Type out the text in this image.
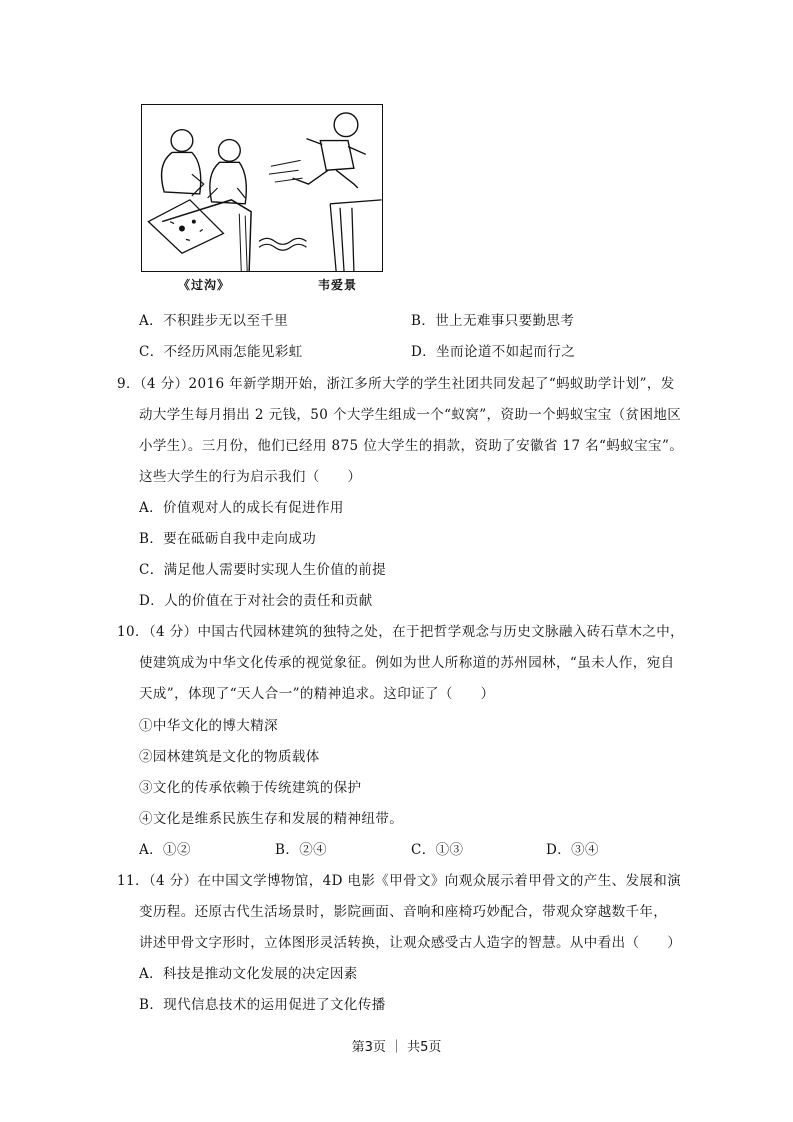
《过沟》	韦爱景
A．不积跬步无以至千里	B．世上无难事只要勤思考
C．不经历风雨怎能见彩虹	D．坐而论道不如起而行之
9．（4 分）2016 年新学期开始，浙江多所大学的学生社团共同发起了“蚂蚁助学计划”，发
动大学生每月捐出 2 元钱，50 个大学生组成一个“蚁窝”，资助一个蚂蚁宝宝（贫困地区
小学生）。三月份，他们已经用 875 位大学生的捐款，资助了安徽省 17 名“蚂蚁宝宝”。
这些大学生的行为启示我们（　　）
A．价值观对人的成长有促进作用
B．要在砥砺自我中走向成功
C．满足他人需要时实现人生价值的前提
D．人的价值在于对社会的责任和贡献
10．（4 分）中国古代园林建筑的独特之处，在于把哲学观念与历史文脉融入砖石草木之中，
使建筑成为中华文化传承的视觉象征。例如为世人所称道的苏州园林，“虽未人作，宛自
天成”，体现了“天人合一”的精神追求。这印证了（　　）
①中华文化的博大精深
②园林建筑是文化的物质载体
③文化的传承依赖于传统建筑的保护
④文化是维系民族生存和发展的精神纽带。
A．①②	B．②④	C．①③	D．③④
11．（4 分）在中国文学博物馆，4D 电影《甲骨文》向观众展示着甲骨文的产生、发展和演
变历程。还原古代生活场景时，影院画面、音响和座椅巧妙配合，带观众穿越数千年，
讲述甲骨文字形时，立体图形灵活转换，让观众感受古人造字的智慧。从中看出（　　）
A．科技是推动文化发展的决定因素
B．现代信息技术的运用促进了文化传播
第3页 ｜ 共5页
